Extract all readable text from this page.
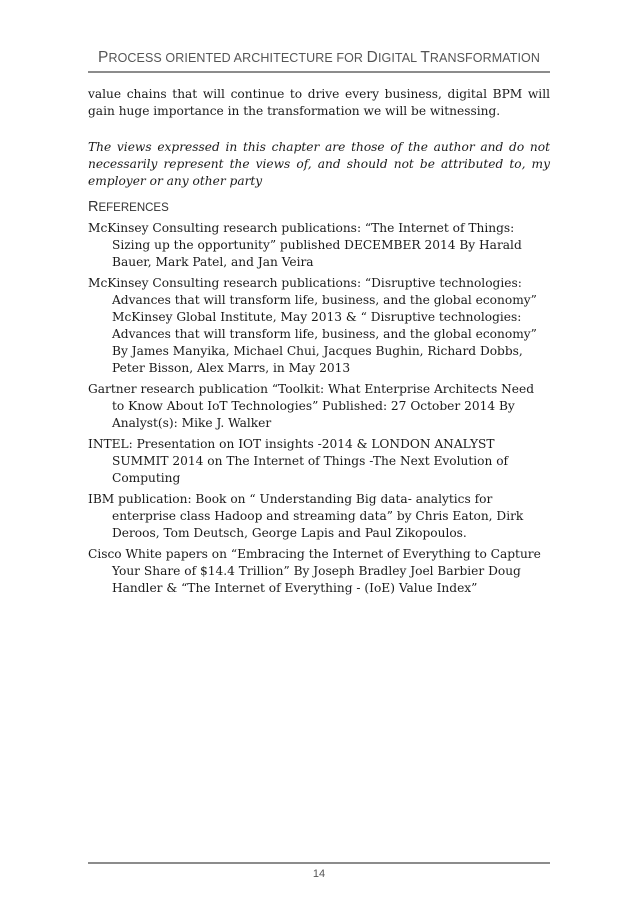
PROCESS ORIENTED ARCHITECTURE FOR DIGITAL TRANSFORMATION

value chains that will continue to drive every business, digital BPM will gain huge importance in the transformation we will be witnessing.

The views expressed in this chapter are those of the author and do not necessarily represent the views of, and should not be attributed to, my employer or any other party

REFERENCES
McKinsey Consulting research publications: “The Internet of Things: Sizing up the opportunity” published DECEMBER 2014 By Harald Bauer, Mark Patel, and Jan Veira
McKinsey Consulting research publications: “Disruptive technologies: Advances that will transform life, business, and the global economy” McKinsey Global Institute, May 2013 & “ Disruptive technologies: Advances that will transform life, business, and the global economy” By James Manyika, Michael Chui, Jacques Bughin, Richard Dobbs, Peter Bisson, Alex Marrs, in May 2013
Gartner research publication “Toolkit: What Enterprise Architects Need to Know About IoT Technologies” Published: 27 October 2014 By Analyst(s): Mike J. Walker
INTEL: Presentation on IOT insights -2014 & LONDON ANALYST SUMMIT 2014 on The Internet of Things -The Next Evolution of Computing
IBM publication: Book on “ Understanding Big data- analytics for enterprise class Hadoop and streaming data” by Chris Eaton, Dirk Deroos, Tom Deutsch, George Lapis and Paul Zikopoulos.
Cisco White papers on “Embracing the Internet of Everything to Capture Your Share of $14.4 Trillion” By Joseph Bradley Joel Barbier Doug Handler & “The Internet of Everything - (IoE) Value Index”
14
